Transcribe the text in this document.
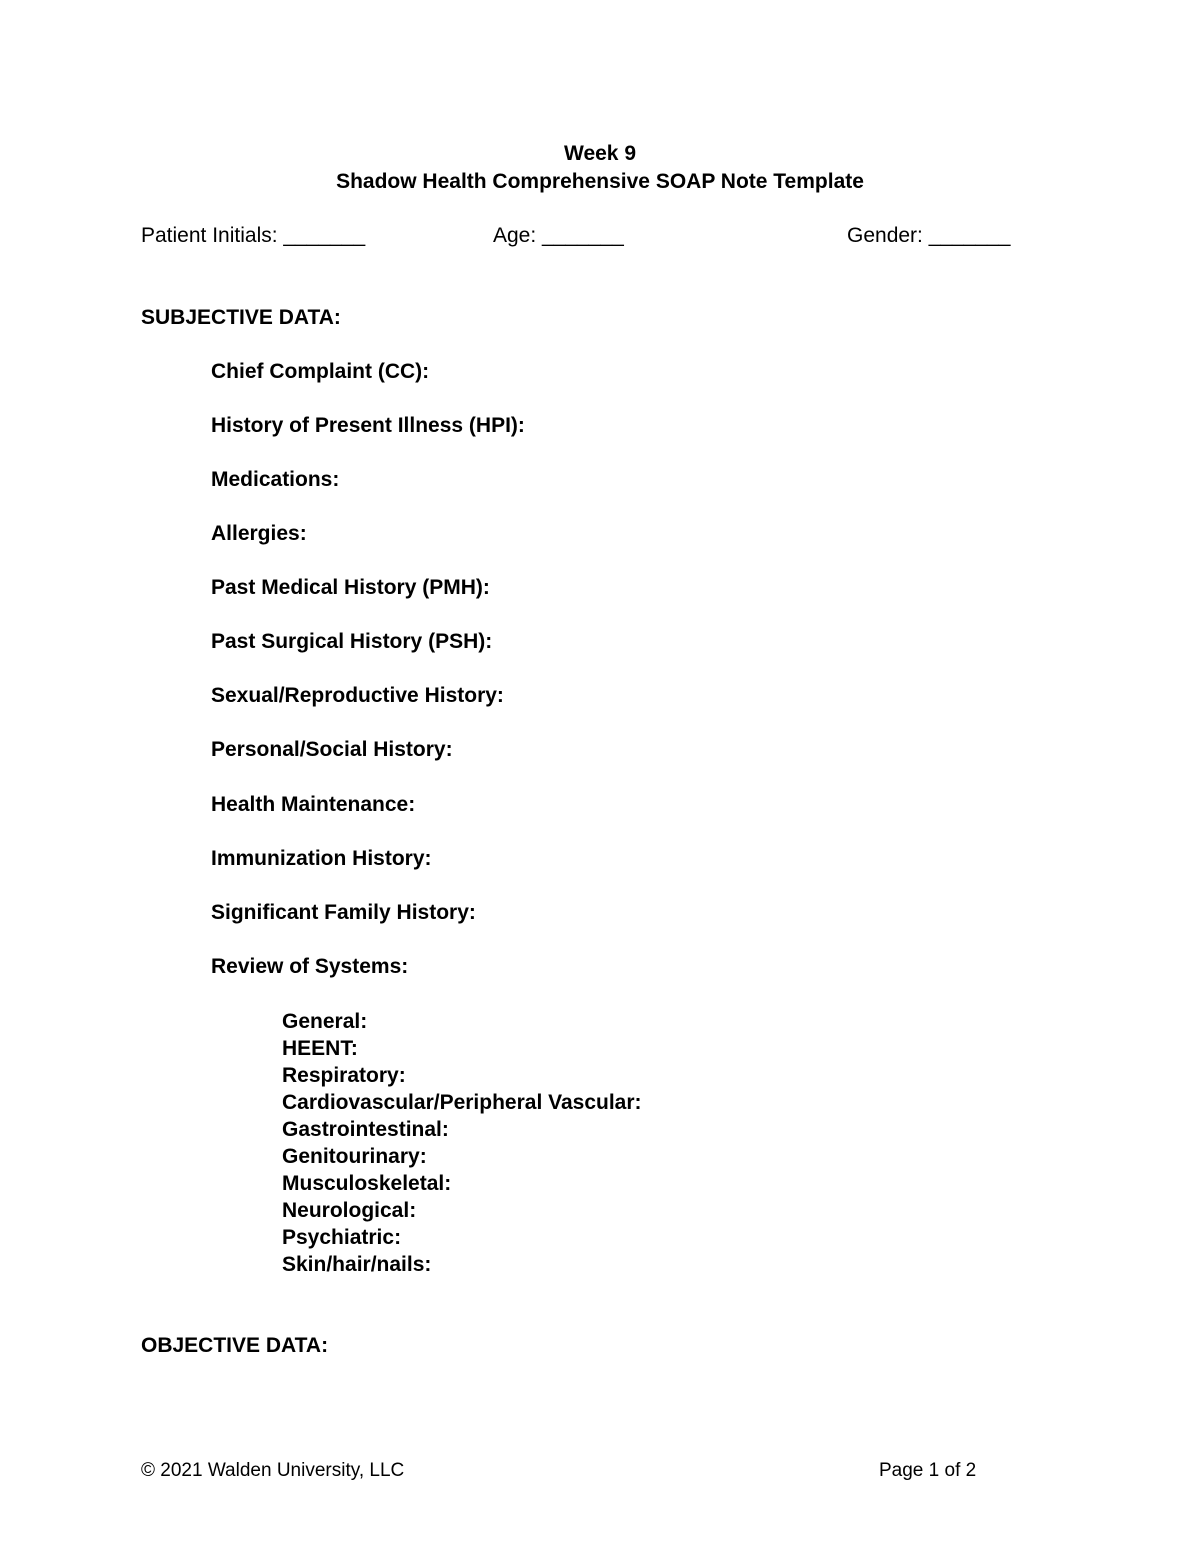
Week 9
Shadow Health Comprehensive SOAP Note Template
Patient Initials: _______	Age: _______	Gender: _______
SUBJECTIVE DATA:
Chief Complaint (CC):
History of Present Illness (HPI):
Medications:
Allergies:
Past Medical History (PMH):
Past Surgical History (PSH):
Sexual/Reproductive History:
Personal/Social History:
Health Maintenance:
Immunization History:
Significant Family History:
Review of Systems:
General:
HEENT:
Respiratory:
Cardiovascular/Peripheral Vascular:
Gastrointestinal:
Genitourinary:
Musculoskeletal:
Neurological:
Psychiatric:
Skin/hair/nails:
OBJECTIVE DATA:
© 2021 Walden University, LLC	Page 1 of 2
